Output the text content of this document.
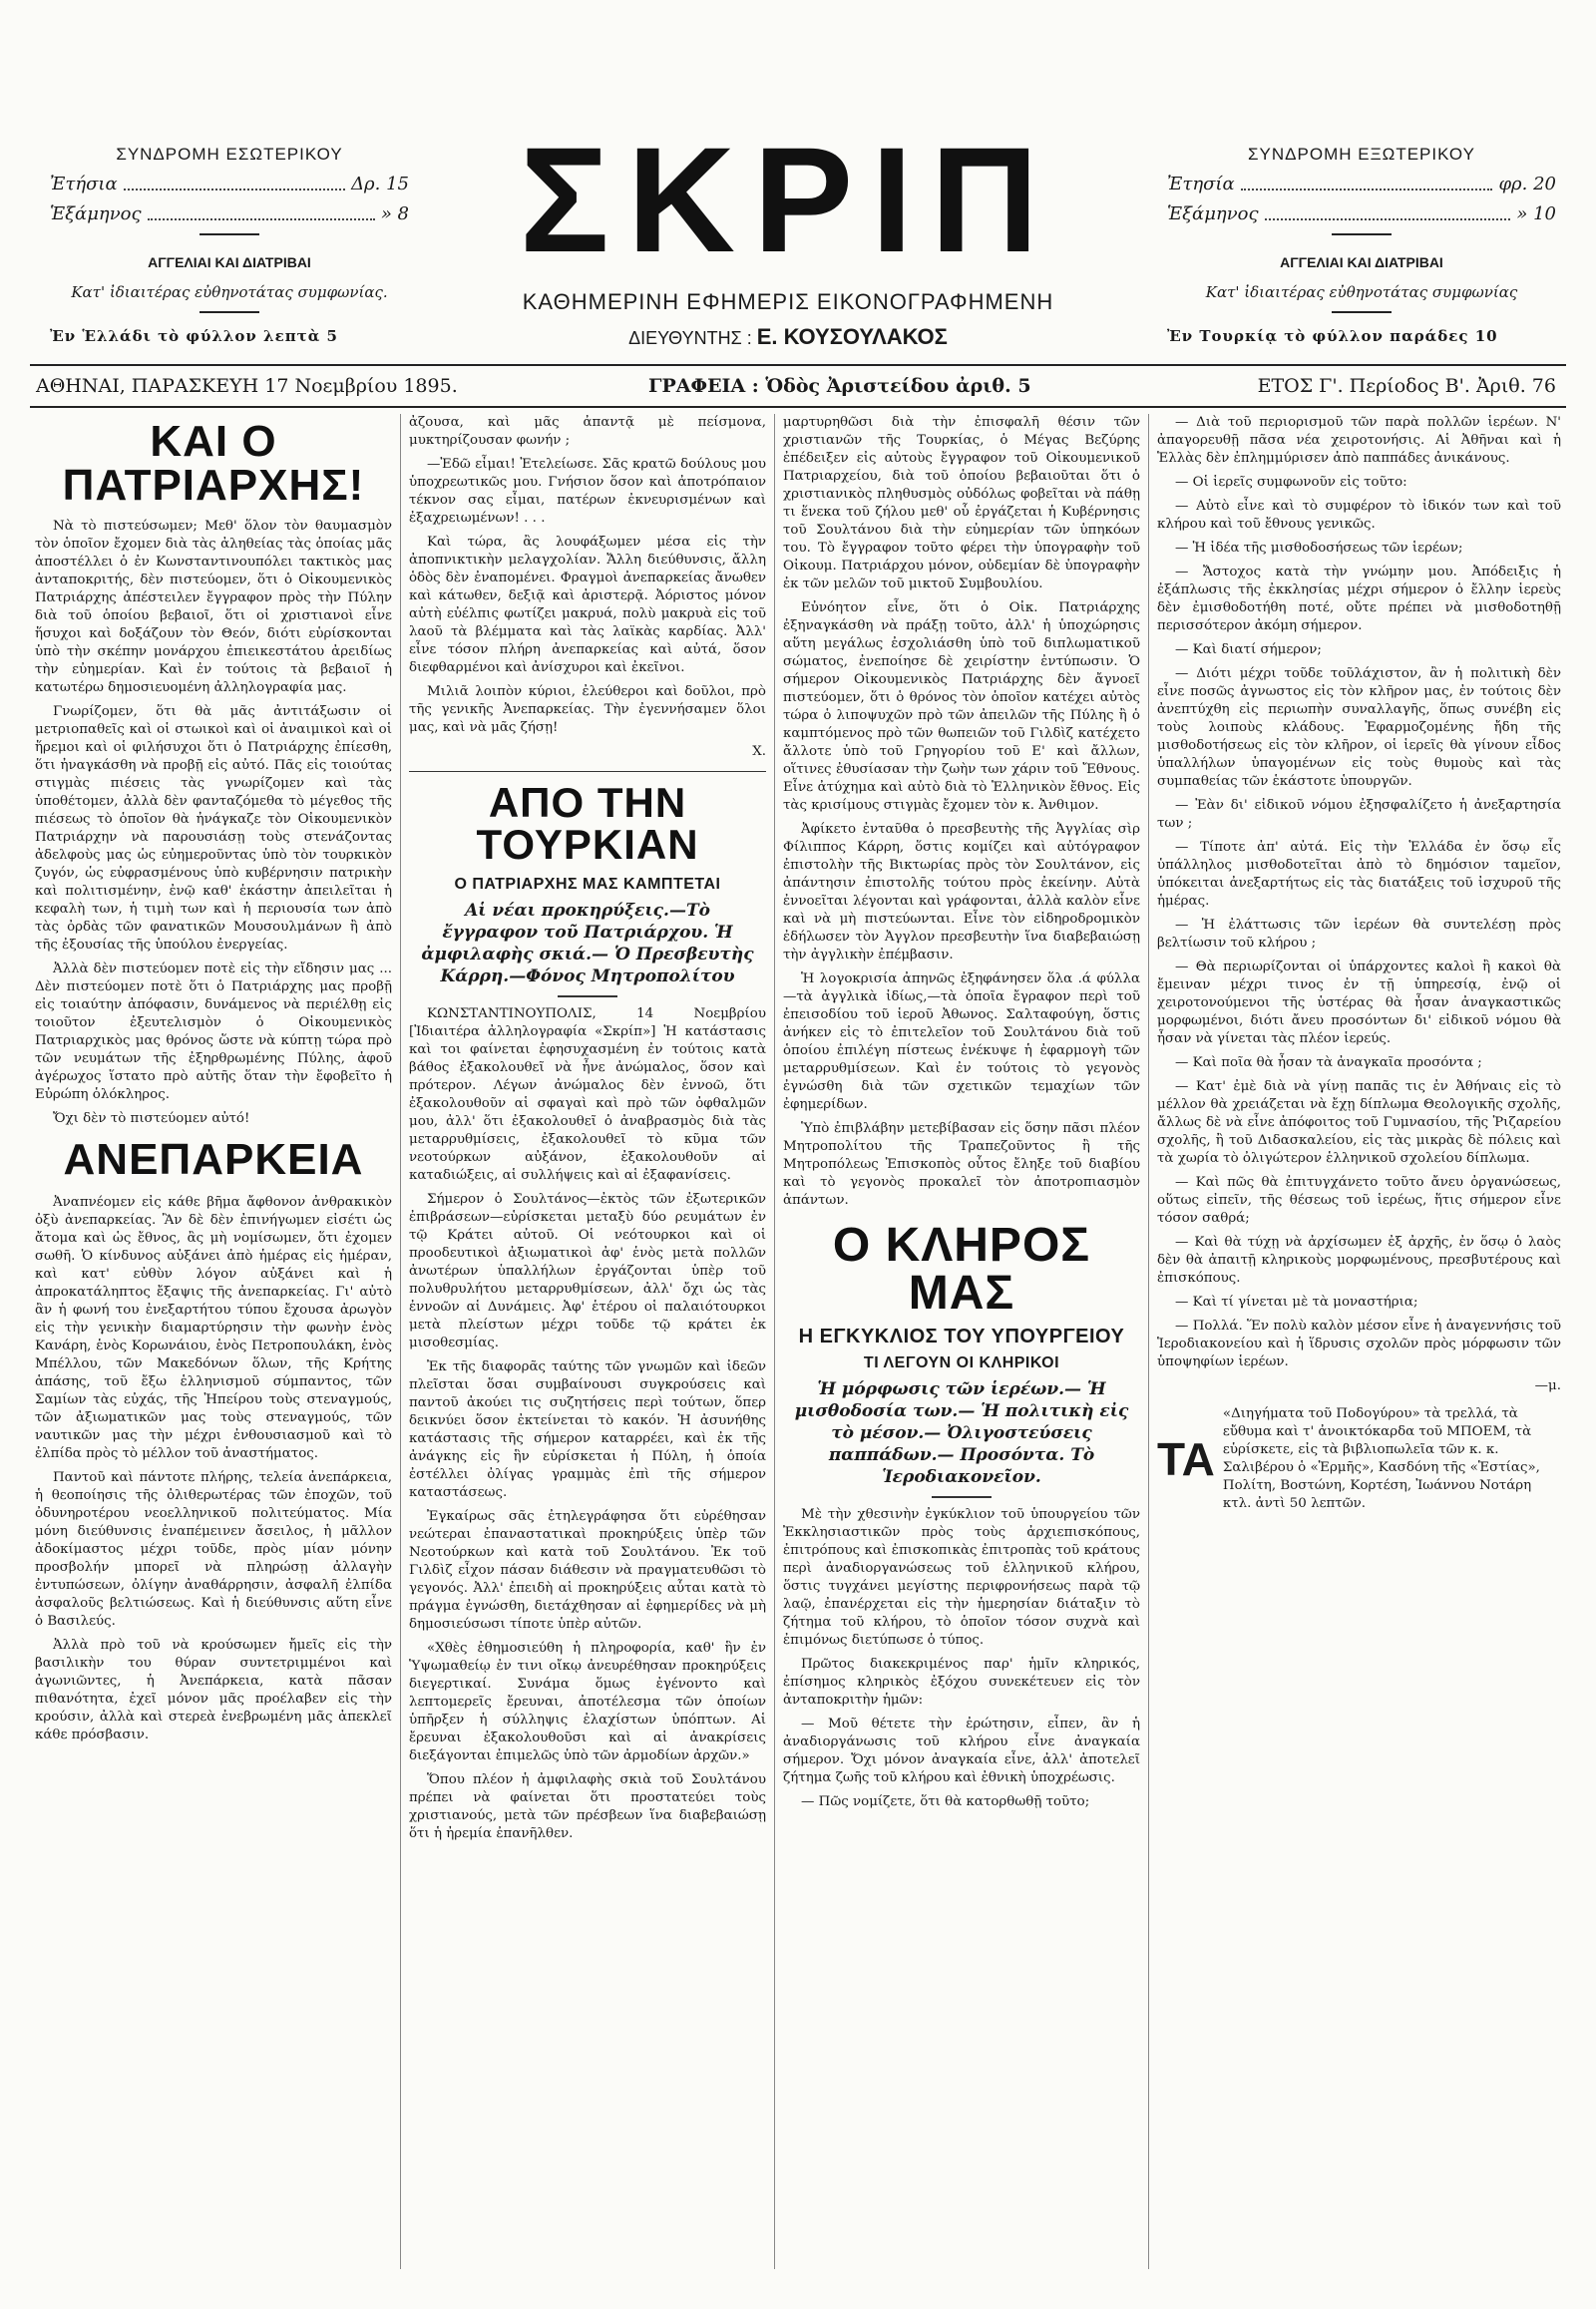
ΣΥΝΔΡΟΜΗ ΕΣΩΤΕΡΙΚΟΥ
Ἐτήσια	Δρ. 15
Ἑξάμηνος	» 8
ΑΓΓΕΛΙΑΙ ΚΑΙ ΔΙΑΤΡΙΒΑΙ
Κατ' ἰδιαιτέρας εὐθηνοτάτας συμφωνίας.
Ἐν Ἑλλάδι τὸ φύλλον λεπτὰ 5
ΣΚΡΙΠ
ΚΑΘΗΜΕΡΙΝΗ ΕΦΗΜΕΡΙΣ ΕΙΚΟΝΟΓΡΑΦΗΜΕΝΗ
ΔΙΕΥΘΥΝΤΗΣ : Ε. ΚΟΥΣΟΥΛΑΚΟΣ
ΣΥΝΔΡΟΜΗ ΕΞΩΤΕΡΙΚΟΥ
Ἐτησία	φρ. 20
Ἑξάμηνος	» 10
ΑΓΓΕΛΙΑΙ ΚΑΙ ΔΙΑΤΡΙΒΑΙ
Κατ' ἰδιαιτέρας εὐθηνοτάτας συμφωνίας
Ἐν Τουρκίᾳ τὸ φύλλον παράδες 10
ΑΘΗΝΑΙ, ΠΑΡΑΣΚΕΥΗ 17 Νοεμβρίου 1895.	ΓΡΑΦΕΙΑ : Ὁδὸς Ἀριστείδου ἀριθ. 5	ΕΤΟΣ Γ'. Περίοδος Β'. Ἀριθ. 76
ΚΑΙ Ο ΠΑΤΡΙΑΡΧΗΣ!

Νὰ τὸ πιστεύσωμεν; Μεθ' ὅλον τὸν θαυμασμὸν τὸν ὁποῖον ἔχομεν διὰ τὰς ἀληθείας τὰς ὁποίας μᾶς ἀποστέλλει ὁ ἐν Κωνσταντινουπόλει τακτικὸς μας ἀνταποκριτής, δὲν πιστεύομεν, ὅτι ὁ Οἰκουμενικὸς Πατριάρχης ἀπέστειλεν ἔγγραφον πρὸς τὴν Πύλην διὰ τοῦ ὁποίου βεβαιοῖ, ὅτι οἱ χριστιανοὶ εἶνε ἥσυχοι καὶ δοξάζουν τὸν Θεόν, διότι εὑρίσκονται ὑπὸ τὴν σκέπην μονάρχου ἐπιεικεστάτου ἀρειδίως τὴν εὐημερίαν. Καὶ ἐν τούτοις τὰ βεβαιοῖ ἡ κατωτέρω δημοσιευομένη ἀλληλογραφία μας.

Γνωρίζομεν, ὅτι θὰ μᾶς ἀντιτάξωσιν οἱ μετριοπαθεῖς καὶ οἱ στωικοὶ καὶ οἱ ἀναιμικοὶ καὶ οἱ ἥρεμοι καὶ οἱ φιλήσυχοι ὅτι ὁ Πατριάρχης ἐπίεσθη, ὅτι ἠναγκάσθη νὰ προβῇ εἰς αὐτό. Πᾶς εἰς τοιούτας στιγμὰς πιέσεις τὰς γνωρίζομεν καὶ τὰς ὑποθέτομεν, ἀλλὰ δὲν φανταζόμεθα τὸ μέγεθος τῆς πιέσεως τὸ ὁποῖον θὰ ἠνάγκαζε τὸν Οἰκουμενικὸν Πατριάρχην νὰ παρουσιάσῃ τοὺς στενάζοντας ἀδελφοὺς μας ὡς εὐημεροῦντας ὑπὸ τὸν τουρκικὸν ζυγόν, ὡς εὐφρασμένους ὑπὸ κυβέρνησιν πατρικὴν καὶ πολιτισμένην, ἐνῷ καθ' ἑκάστην ἀπειλεῖται ἡ κεφαλὴ των, ἡ τιμὴ των καὶ ἡ περιουσία των ἀπὸ τὰς ὀρδὰς τῶν φανατικῶν Μουσουλμάνων ἢ ἀπὸ τῆς ἐξουσίας τῆς ὑπούλου ἐνεργείας.

Ἀλλὰ δὲν πιστεύομεν ποτὲ εἰς τὴν εἴδησιν μας ... Δὲν πιστεύομεν ποτὲ ὅτι ὁ Πατριάρχης μας προβῇ εἰς τοιαύτην ἀπόφασιν, δυνάμενος νὰ περιέλθῃ εἰς τοιοῦτον ἐξευτελισμὸν ὁ Οἰκουμενικὸς Πατριαρχικὸς μας θρόνος ὥστε νὰ κύπτῃ τώρα πρὸ τῶν νευμάτων τῆς ἐξηρθρωμένης Πύλης, ἀφοῦ ἀγέρωχος ἵστατο πρὸ αὐτῆς ὅταν τὴν ἔφοβεῖτο ἡ Εὐρώπη ὁλόκληρος.

Ὄχι δὲν τὸ πιστεύομεν αὐτό!

ΑΝΕΠΑΡΚΕΙΑ

Ἀναπνέομεν εἰς κάθε βῆμα ἄφθονον ἀνθρακικὸν ὀξὺ ἀνεπαρκείας. Ἂν δὲ δὲν ἐπινήγωμεν εἰσέτι ὡς ἄτομα καὶ ὡς ἔθνος, ἂς μὴ νομίσωμεν, ὅτι ἐχομεν σωθῆ. Ὁ κίνδυνος αὐξάνει ἀπὸ ἡμέρας εἰς ἡμέραν, καὶ κατ' εὐθὺν λόγον αὐξάνει καὶ ἡ ἀπροκατάληπτος ἔξαψις τῆς ἀνεπαρκείας. Γι' αὐτὸ ἂν ἡ φωνή του ἐνεξαρτήτου τύπου ἔχουσα ἀρωγὸν εἰς τὴν γενικὴν διαμαρτύρησιν τὴν φωνὴν ἑνὸς Κανάρη, ἑνὸς Κορωνάιου, ἑνὸς Πετροπουλάκη, ἑνὸς Μπέλλου, τῶν Μακεδόνων ὅλων, τῆς Κρήτης ἁπάσης, τοῦ ἔξω ἑλληνισμοῦ σύμπαντος, τῶν Σαμίων τὰς εὐχάς, τῆς Ἠπείρου τοὺς στεναγμούς, τῶν ἀξιωματικῶν μας τοὺς στεναγμούς, τῶν ναυτικῶν μας τὴν μέχρι ἐνθουσιασμοῦ καὶ τὸ ἐλπίδα πρὸς τὸ μέλλον τοῦ ἀναστήματος.

Παντοῦ καὶ πάντοτε πλήρης, τελεία ἀνεπάρκεια, ἡ θεοποίησις τῆς ὀλιθερωτέρας τῶν ἐποχῶν, τοῦ ὀδυνηροτέρου νεοελληνικοῦ πολιτεύματος. Μία μόνη διεύθυνσις ἐναπέμεινεν ἄσειλος, ἡ μᾶλλον ἀδοκίμαστος μέχρι τοῦδε, πρὸς μίαν μόνην προσβολήν μπορεῖ νὰ πληρώσῃ ἀλλαγὴν ἐντυπώσεων, ὀλίγην ἀναθάρρησιν, ἀσφαλῆ ἐλπίδα ἀσφαλοῦς βελτιώσεως. Καὶ ἡ διεύθυνσις αὕτη εἶνε ὁ Βασιλεύς.

Ἀλλὰ πρὸ τοῦ νὰ κρούσωμεν ἤμεῖς εἰς τὴν βασιλικὴν του θύραν συντετριμμένοι καὶ ἀγωνιῶντες, ἡ Ἀνεπάρκεια, κατὰ πᾶσαν πιθανότητα, ἐχεῖ μόνον μᾶς προέλαβεν εἰς τὴν κρούσιν, ἀλλὰ καὶ στερεὰ ἐνεβρωμένη μᾶς ἀπεκλεῖ κάθε πρόσβασιν.

ἀζουσα, καὶ μᾶς ἀπαντᾷ μὲ πείσμονα, μυκτηρίζουσαν φωνήν ;

—Ἐδῶ εἶμαι! Ἐτελείωσε. Σᾶς κρατῶ δούλους μου ὑποχρεωτικῶς μου. Γνήσιον ὅσον καὶ ἀποτρόπαιον τέκνον σας εἶμαι, πατέρων ἐκνευρισμένων καὶ ἐξαχρειωμένων! . . .

Καὶ τώρα, ἂς λουφάξωμεν μέσα εἰς τὴν ἀποπνικτικὴν μελαγχολίαν. Ἄλλη διεύθυνσις, ἄλλη ὁδὸς δὲν ἐναπομένει. Φραγμοὶ ἀνεπαρκείας ἄνωθεν καὶ κάτωθεν, δεξιᾷ καὶ ἀριστερᾷ. Ἀόριστος μόνον αὐτὴ εὐέλπις φωτίζει μακρυά, πολὺ μακρυὰ εἰς τοῦ λαοῦ τὰ βλέμματα καὶ τὰς λαϊκὰς καρδίας. Ἀλλ' εἶνε τόσον πλήρη ἀνεπαρκείας καὶ αὐτά, ὅσον διεφθαρμένοι καὶ ἀνίσχυροι καὶ ἐκεῖνοι.

Μιλιᾶ λοιπὸν κύριοι, ἐλεύθεροι καὶ δοῦλοι, πρὸ τῆς γενικῆς Ἀνεπαρκείας. Τὴν ἐγεννήσαμεν ὅλοι μας, καὶ νὰ μᾶς ζήσῃ!

Χ.

ΑΠΟ ΤΗΝ ΤΟΥΡΚΙΑΝ
Ο ΠΑΤΡΙΑΡΧΗΣ ΜΑΣ ΚΑΜΠΤΕΤΑΙ
Αἱ νέαι προκηρύξεις.—Τὸ ἔγγραφον τοῦ Πατριάρχου. Ἡ ἀμφιλαφὴς σκιά.— Ὁ Πρεσβευτὴς Κάρρη.—Φόνος Μητροπολίτου

ΚΩΝΣΤΑΝΤΙΝΟΥΠΟΛΙΣ, 14 Νοεμβρίου [Ἰδιαιτέρα ἀλληλογραφία «Σκρίπ»] Ἡ κατάστασις καὶ τοι φαίνεται ἐφησυχασμένη ἐν τούτοις κατὰ βάθος ἐξακολουθεῖ νὰ ἦνε ἀνώμαλος, ὅσον καὶ πρότερον. Λέγων ἀνώμαλος δὲν ἐννοῶ, ὅτι ἐξακολουθοῦν αἱ σφαγαὶ καὶ πρὸ τῶν ὀφθαλμῶν μου, ἀλλ' ὅτι ἐξακολουθεῖ ὁ ἀναβρασμὸς διὰ τὰς μεταρρυθμίσεις, ἐξακολουθεῖ τὸ κῦμα τῶν νεοτούρκων αὐξάνον, ἐξακολουθοῦν αἱ καταδιώξεις, αἱ συλλήψεις καὶ αἱ ἐξαφανίσεις.

Σήμερον ὁ Σουλτάνος—ἐκτὸς τῶν ἐξωτερικῶν ἐπιβράσεων—εὑρίσκεται μεταξὺ δύο ρευμάτων ἐν τῷ Κράτει αὐτοῦ. Οἱ νεότουρκοι καὶ οἱ προοδευτικοὶ ἀξιωματικοὶ ἀφ' ἑνὸς μετὰ πολλῶν ἀνωτέρων ὑπαλλήλων ἐργάζονται ὑπὲρ τοῦ πολυθρυλήτου μεταρρυθμίσεων, ἀλλ' ὄχι ὡς τὰς ἐννοῶν αἱ Δυνάμεις. Ἀφ' ἑτέρου οἱ παλαιότουρκοι μετὰ πλείστων μέχρι τοῦδε τῷ κράτει ἐκ μισοθεσμίας.

Ἐκ τῆς διαφορᾶς ταύτης τῶν γνωμῶν καὶ ἰδεῶν πλεῖσται ὅσαι συμβαίνουσι συγκρούσεις καὶ παντοῦ ἀκούει τις συζητήσεις περὶ τούτων, ὅπερ δεικνύει ὅσον ἐκτείνεται τὸ κακόν. Ἡ ἀσυνήθης κατάστασις τῆς σήμερον καταρρέει, καὶ ἐκ τῆς ἀνάγκης εἰς ἣν εὑρίσκεται ἡ Πύλη, ἡ ὁποία ἐστέλλει ὀλίγας γραμμὰς ἐπὶ τῆς σήμερον καταστάσεως.

Ἐγκαίρως σᾶς ἐτηλεγράφησα ὅτι εὑρέθησαν νεώτεραι ἐπαναστατικαὶ προκηρύξεις ὑπὲρ τῶν Νεοτούρκων καὶ κατὰ τοῦ Σουλτάνου. Ἐκ τοῦ Γιλδὶζ εἶχον πάσαν διάθεσιν νὰ πραγματευθῶσι τὸ γεγονός. Ἀλλ' ἐπειδὴ αἱ προκηρύξεις αὗται κατὰ τὸ πράγμα ἐγνώσθη, διετάχθησαν αἱ ἐφημερίδες νὰ μὴ δημοσιεύσωσι τίποτε ὑπὲρ αὐτῶν.

«Χθὲς ἐθημοσιεύθη ἡ πληροφορία, καθ' ἣν ἐν Ὑψωμαθείῳ ἐν τινι οἴκῳ ἀνευρέθησαν προκηρύξεις διεγερτικαί. Συνάμα ὅμως ἐγένοντο καὶ λεπτομερεῖς ἔρευναι, ἀποτέλεσμα τῶν ὁποίων ὑπῆρξεν ἡ σύλληψις ἐλαχίστων ὑπόπτων. Αἱ ἔρευναι ἐξακολουθοῦσι καὶ αἱ ἀνακρίσεις διεξάγονται ἐπιμελῶς ὑπὸ τῶν ἀρμοδίων ἀρχῶν.»

Ὅπου πλέον ἡ ἀμφιλαφὴς σκιὰ τοῦ Σουλτάνου πρέπει νὰ φαίνεται ὅτι προστατεύει τοὺς χριστιανούς, μετὰ τῶν πρέσβεων ἵνα διαβεβαιώσῃ ὅτι ἡ ἠρεμία ἐπανῆλθεν.

μαρτυρηθῶσι διὰ τὴν ἐπισφαλῆ θέσιν τῶν χριστιανῶν τῆς Τουρκίας, ὁ Μέγας Βεζύρης ἐπέδειξεν εἰς αὐτοὺς ἔγγραφον τοῦ Οἰκουμενικοῦ Πατριαρχείου, διὰ τοῦ ὁποίου βεβαιοῦται ὅτι ὁ χριστιανικὸς πληθυσμὸς οὐδόλως φοβεῖται νὰ πάθῃ τι ἕνεκα τοῦ ζήλου μεθ' οὗ ἐργάζεται ἡ Κυβέρνησις τοῦ Σουλτάνου διὰ τὴν εὐημερίαν τῶν ὑπηκόων του. Τὸ ἔγγραφον τοῦτο φέρει τὴν ὑπογραφὴν τοῦ Οἰκουμ. Πατριάρχου μόνον, οὐδεμίαν δὲ ὑπογραφὴν ἐκ τῶν μελῶν τοῦ μικτοῦ Συμβουλίου.

Εὐνόητον εἶνε, ὅτι ὁ Οἰκ. Πατριάρχης ἐξηναγκάσθη νὰ πράξῃ τοῦτο, ἀλλ' ἡ ὑποχώρησις αὕτη μεγάλως ἐσχολιάσθη ὑπὸ τοῦ διπλωματικοῦ σώματος, ἐνεποίησε δὲ χειρίστην ἐντύπωσιν. Ὁ σήμερον Οἰκουμενικὸς Πατριάρχης δὲν ἄγνοεῖ πιστεύομεν, ὅτι ὁ θρόνος τὸν ὁποῖον κατέχει αὐτὸς τώρα ὁ λιποψυχῶν πρὸ τῶν ἀπειλῶν τῆς Πύλης ἢ ὁ καμπτόμενος πρὸ τῶν θωπειῶν τοῦ Γιλδὶζ κατέχετο ἄλλοτε ὑπὸ τοῦ Γρηγορίου τοῦ Ε' καὶ ἄλλων, οἵτινες ἐθυσίασαν τὴν ζωὴν των χάριν τοῦ Ἔθνους. Εἶνε ἀτύχημα καὶ αὐτὸ διὰ τὸ Ἑλληνικὸν ἔθνος. Εἰς τὰς κρισίμους στιγμὰς ἔχομεν τὸν κ. Ἀνθιμον.

Ἀφίκετο ἐνταῦθα ὁ πρεσβευτὴς τῆς Ἀγγλίας σὶρ Φίλιππος Κάρρη, ὅστις κομίζει καὶ αὐτόγραφον ἐπιστολὴν τῆς Βικτωρίας πρὸς τὸν Σουλτάνον, εἰς ἀπάντησιν ἐπιστολῆς τούτου πρὸς ἐκείνην. Αὐτὰ ἐννοεῖται λέγονται καὶ γράφονται, ἀλλὰ καλὸν εἶνε καὶ νὰ μὴ πιστεύωνται. Εἶνε τὸν εἰδηροδρομικὸν ἐδήλωσεν τὸν Ἀγγλον πρεσβευτὴν ἵνα διαβεβαιώσῃ τὴν ἀγγλικὴν ἐπέμβασιν.

Ἡ λογοκρισία ἀπηνῶς ἐξηφάνησεν ὅλα .ά φύλλα —τὰ ἀγγλικὰ ἰδίως,—τὰ ὁποῖα ἔγραφον περὶ τοῦ ἐπεισοδίου τοῦ ἱεροῦ Ἀθωνος. Σαλταφούγη, ὅστις ἀνήκεν εἰς τὸ ἐπιτελεῖον τοῦ Σουλτάνου διὰ τοῦ ὁποίου ἐπιλέγη πίστεως ἐνέκυψε ἡ ἐφαρμογὴ τῶν μεταρρυθμίσεων. Καὶ ἐν τούτοις τὸ γεγονὸς ἐγνώσθη διὰ τῶν σχετικῶν τεμαχίων τῶν ἐφημερίδων.

Ὑπὸ ἐπιβλάβην μετεβίβασαν εἰς ὅσην πᾶσι πλέον Μητροπολίτου τῆς Τραπεζοῦντος ἢ τῆς Μητροπόλεως Ἐπισκοπὸς οὗτος ἔληξε τοῦ διαβίου καὶ τὸ γεγονὸς προκαλεῖ τὸν ἀποτροπιασμὸν ἁπάντων.

Ο ΚΛΗΡΟΣ ΜΑΣ
Η ΕΓΚΥΚΛΙΟΣ ΤΟΥ ΥΠΟΥΡΓΕΙΟΥ
ΤΙ ΛΕΓΟΥΝ ΟΙ ΚΛΗΡΙΚΟΙ
Ἡ μόρφωσις τῶν ἱερέων.— Ἡ μισθοδοσία των.— Ἡ πολιτικὴ εἰς τὸ μέσον.— Ὀλιγοστεύσεις παππάδων.— Προσόντα. Τὸ Ἱεροδιακονεῖον.

Μὲ τὴν χθεσινὴν ἐγκύκλιον τοῦ ὑπουργείου τῶν Ἐκκλησιαστικῶν πρὸς τοὺς ἀρχιεπισκόπους, ἐπιτρόπους καὶ ἐπισκοπικὰς ἐπιτροπὰς τοῦ κράτους περὶ ἀναδιοργανώσεως τοῦ ἑλληνικοῦ κλήρου, ὅστις τυγχάνει μεγίστης περιφρονήσεως παρὰ τῷ λαῷ, ἐπανέρχεται εἰς τὴν ἡμερησίαν διάταξιν τὸ ζήτημα τοῦ κλήρου, τὸ ὁποῖον τόσον συχνὰ καὶ ἐπιμόνως διετύπωσε ὁ τύπος.

Πρῶτος διακεκριμένος παρ' ἡμῖν κληρικός, ἐπίσημος κληρικὸς ἐξόχου συνεκέτευεν εἰς τὸν ἀνταποκριτὴν ἡμῶν:

— Μοῦ θέτετε τὴν ἐρώτησιν, εἶπεν, ἂν ἡ ἀναδιοργάνωσις τοῦ κλήρου εἶνε ἀναγκαία σήμερον. Ὄχι μόνον ἀναγκαία εἶνε, ἀλλ' ἀποτελεῖ ζήτημα ζωῆς τοῦ κλήρου καὶ ἐθνικὴ ὑποχρέωσις.

— Πῶς νομίζετε, ὅτι θὰ κατορθωθῇ τοῦτο;

— Διὰ τοῦ περιορισμοῦ τῶν παρὰ πολλῶν ἱερέων. Ν' ἀπαγορευθῇ πᾶσα νέα χειροτονήσις. Αἱ Ἀθῆναι καὶ ἡ Ἑλλὰς δὲν ἐπλημμύρισεν ἀπὸ παππάδες ἀνικάνους.

— Οἱ ἱερεῖς συμφωνοῦν εἰς τοῦτο:

— Αὐτὸ εἶνε καὶ τὸ συμφέρον τὸ ἰδικόν των καὶ τοῦ κλήρου καὶ τοῦ ἔθνους γενικῶς.

— Ἡ ἰδέα τῆς μισθοδοσήσεως τῶν ἱερέων;

— Ἄστοχος κατὰ τὴν γνώμην μου. Ἀπόδειξις ἡ ἐξάπλωσις τῆς ἐκκλησίας μέχρι σήμερον ὁ ἔλλην ἱερεὺς δὲν ἐμισθοδοτήθη ποτέ, οὔτε πρέπει νὰ μισθοδοτηθῇ περισσότερον ἀκόμη σήμερον.

— Καὶ διατί σήμερον;

— Διότι μέχρι τοῦδε τοῦλάχιστον, ἂν ἡ πολιτικὴ δὲν εἶνε ποσῶς ἀγνωστος εἰς τὸν κλῆρον μας, ἐν τούτοις δὲν ἀνεπτύχθη εἰς περιωπὴν συναλλαγῆς, ὅπως συνέβη εἰς τοὺς λοιποὺς κλάδους. Ἐφαρμοζομένης ἤδη τῆς μισθοδοτήσεως εἰς τὸν κλῆρον, οἱ ἱερεῖς θὰ γίνουν εἶδος ὑπαλλήλων ὑπαγομένων εἰς τοὺς θυμοὺς καὶ τὰς συμπαθείας τῶν ἑκάστοτε ὑπουργῶν.

— Ἐὰν δι' εἰδικοῦ νόμου ἐξησφαλίζετο ἡ ἀνεξαρτησία των ;

— Τίποτε ἀπ' αὐτά. Εἰς τὴν Ἑλλάδα ἐν ὅσῳ εἶς ὑπάλληλος μισθοδοτεῖται ἀπὸ τὸ δημόσιον ταμεῖον, ὑπόκειται ἀνεξαρτήτως εἰς τὰς διατάξεις τοῦ ἰσχυροῦ τῆς ἡμέρας.

— Ἡ ἐλάττωσις τῶν ἱερέων θὰ συντελέσῃ πρὸς βελτίωσιν τοῦ κλήρου ;

— Θὰ περιωρίζονται οἱ ὑπάρχοντες καλοὶ ἢ κακοὶ θὰ ἔμειναν μέχρι τινος ἐν τῇ ὑπηρεσίᾳ, ἐνῷ οἱ χειροτονούμενοι τῆς ὑστέρας θὰ ἦσαν ἀναγκαστικῶς μορφωμένοι, διότι ἄνευ προσόντων δι' εἰδικοῦ νόμου θὰ ἦσαν νὰ γίνεται τὰς πλέον ἱερεύς.

— Καὶ ποῖα θὰ ἦσαν τὰ ἀναγκαῖα προσόντα ;

— Κατ' ἐμὲ διὰ νὰ γίνῃ παπᾶς τις ἐν Ἀθήναις εἰς τὸ μέλλον θὰ χρειάζεται νὰ ἔχῃ δίπλωμα Θεολογικῆς σχολῆς, ἄλλως δὲ νὰ εἶνε ἀπόφοιτος τοῦ Γυμνασίου, τῆς Ῥιζαρείου σχολῆς, ἢ τοῦ Διδασκαλείου, εἰς τὰς μικρὰς δὲ πόλεις καὶ τὰ χωρία τὸ ὀλιγώτερον ἑλληνικοῦ σχολείου δίπλωμα.

— Καὶ πῶς θὰ ἐπιτυγχάνετο τοῦτο ἄνευ ὀργανώσεως, οὕτως εἰπεῖν, τῆς θέσεως τοῦ ἱερέως, ἥτις σήμερον εἶνε τόσον σαθρά;

— Καὶ θὰ τύχῃ νὰ ἀρχίσωμεν ἐξ ἀρχῆς, ἐν ὅσῳ ὁ λαὸς δὲν θὰ ἀπαιτῇ κληρικοὺς μορφωμένους, πρεσβυτέρους καὶ ἐπισκόπους.

— Καὶ τί γίνεται μὲ τὰ μοναστήρια;

— Πολλά. Ἕν πολὺ καλὸν μέσον εἶνε ἡ ἀναγεννήσις τοῦ Ἱεροδιακονείου καὶ ἡ ἵδρυσις σχολῶν πρὸς μόρφωσιν τῶν ὑποψηφίων ἱερέων.

—μ.

ΤΑ
«Διηγήματα τοῦ Ποδογύρου» τὰ τρελλά, τὰ εὔθυμα καὶ τ' ἀνοικτόκαρδα τοῦ ΜΠΟΕΜ, τὰ εὑρίσκετε, εἰς τὰ βιβλιοπωλεῖα τῶν κ. κ. Σαλιβέρου ὁ «Ἑρμῆς», Κασδόνη τῆς «Ἑστίας», Πολίτη, Βοστώνη, Κορτέση, Ἰωάννου Νοτάρη κτλ. ἀντὶ 50 λεπτῶν.
